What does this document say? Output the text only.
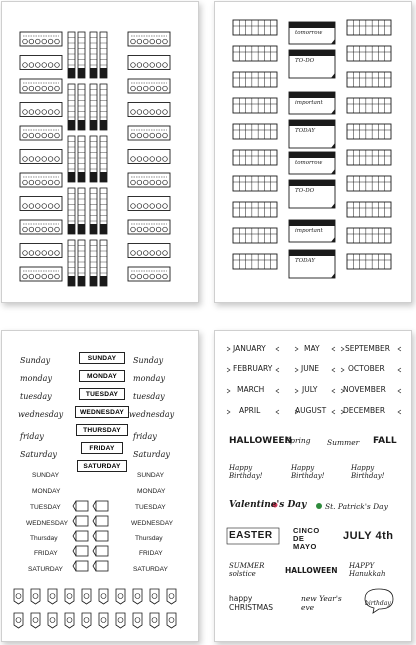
tomorrow
TO-DO
important
TODAY
tomorrow
TO-DO
important
TODAY
Sunday
monday
tuesday
wednesday
friday
Saturday
SUNDAY
MONDAY
TUESDAY
WEDNESDAY
THURSDAY
FRIDAY
SATURDAY
Sunday
monday
tuesday
wednesday
friday
Saturday
SUNDAY
MONDAY
TUESDAY
WEDNESDAY
Thursday
FRIDAY
SATURDAY
SUNDAY
MONDAY
TUESDAY
WEDNESDAY
Thursday
FRIDAY
SATURDAY
JANUARY
FEBRUARY
MARCH
APRIL
MAY
JUNE
JULY
AUGUST
SEPTEMBER
OCTOBER
NOVEMBER
DECEMBER
HALLOWEEN
Spring Summer FALL
Happy Birthday!
Happy Birthday!
Happy Birthday!
Valentine's Day St. Patrick's Day
EASTER	CINCO DE MAYO
JULY 4th
SUMMER solstice	HALLOWEEN HAPPY Hanukkah
happy CHRISTMAS
new Year's eve	birthday
